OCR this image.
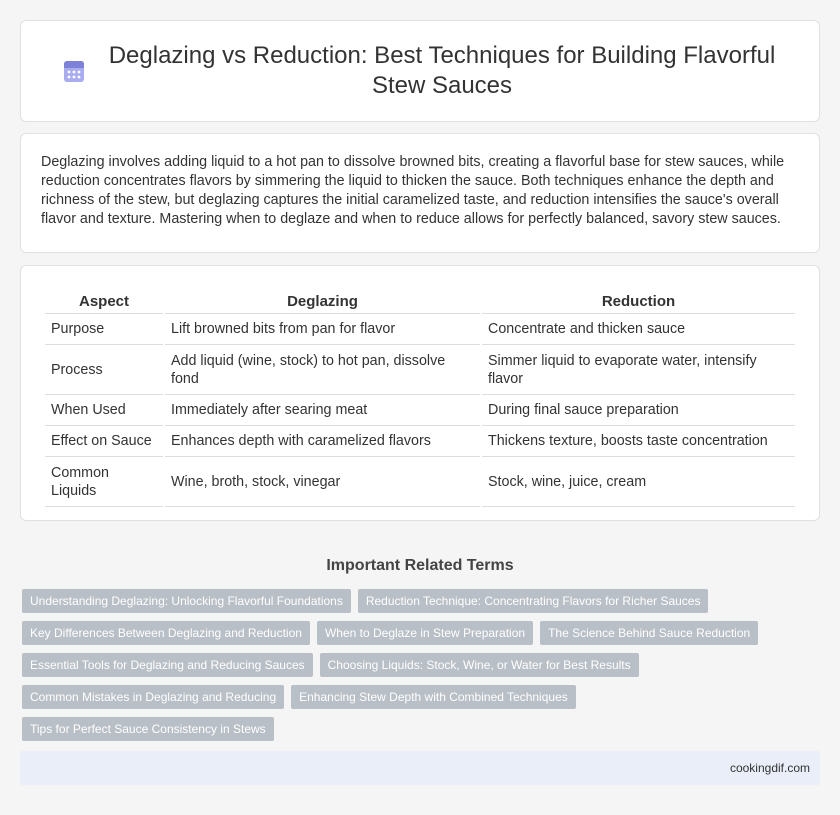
Deglazing vs Reduction: Best Techniques for Building Flavorful Stew Sauces

Deglazing involves adding liquid to a hot pan to dissolve browned bits, creating a flavorful base for stew sauces, while reduction concentrates flavors by simmering the liquid to thicken the sauce. Both techniques enhance the depth and richness of the stew, but deglazing captures the initial caramelized taste, and reduction intensifies the sauce's overall flavor and texture. Mastering when to deglaze and when to reduce allows for perfectly balanced, savory stew sauces.

Aspect	Deglazing	Reduction
Purpose	Lift browned bits from pan for flavor	Concentrate and thicken sauce
Process	Add liquid (wine, stock) to hot pan, dissolve fond	Simmer liquid to evaporate water, intensify flavor
When Used	Immediately after searing meat	During final sauce preparation
Effect on Sauce	Enhances depth with caramelized flavors	Thickens texture, boosts taste concentration
Common Liquids	Wine, broth, stock, vinegar	Stock, wine, juice, cream
Important Related Terms
Understanding Deglazing: Unlocking Flavorful Foundations	Reduction Technique: Concentrating Flavors for Richer Sauces
Key Differences Between Deglazing and Reduction	When to Deglaze in Stew Preparation	The Science Behind Sauce Reduction
Essential Tools for Deglazing and Reducing Sauces	Choosing Liquids: Stock, Wine, or Water for Best Results
Common Mistakes in Deglazing and Reducing	Enhancing Stew Depth with Combined Techniques
Tips for Perfect Sauce Consistency in Stews
cookingdif.com
